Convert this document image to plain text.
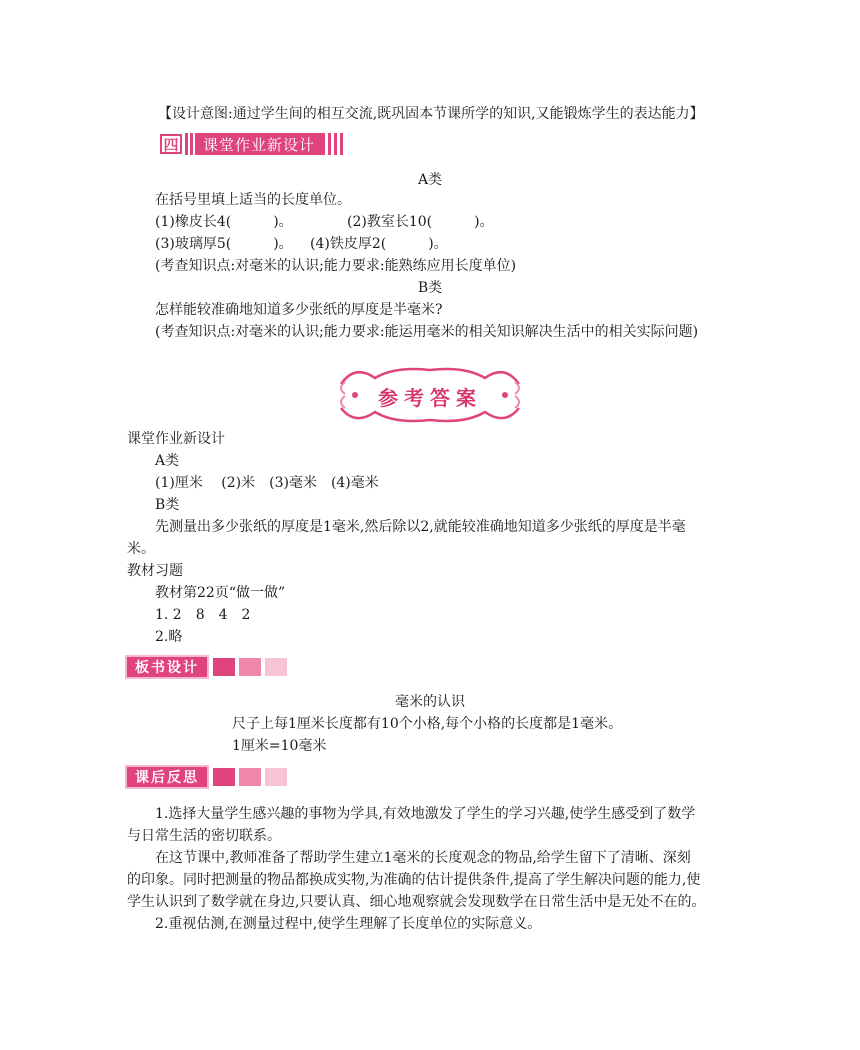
【设计意图:通过学生间的相互交流,既巩固本节课所学的知识,又能锻炼学生的表达能力】
四	课堂作业新设计
A类
在括号里填上适当的长度单位。
(1)橡皮长4(　　　)。	(2)教室长10(　　　)。
(3)玻璃厚5(　　　)。 (4)铁皮厚2(　　　)。
(考查知识点:对毫米的认识;能力要求:能熟练应用长度单位)
B类
怎样能较准确地知道多少张纸的厚度是半毫米?
(考查知识点:对毫米的认识;能力要求:能运用毫米的相关知识解决生活中的相关实际问题)
参考答案
课堂作业新设计
A类
(1)厘米　 (2)米　(3)毫米　(4)毫米
B类
先测量出多少张纸的厚度是1毫米,然后除以2,就能较准确地知道多少张纸的厚度是半毫
米。
教材习题
教材第22页“做一做”
1. 2　8　4　2
2.略
板书设计
毫米的认识
尺子上每1厘米长度都有10个小格,每个小格的长度都是1毫米。
1厘米=10毫米
课后反思
1.选择大量学生感兴趣的事物为学具,有效地激发了学生的学习兴趣,使学生感受到了数学
与日常生活的密切联系。
在这节课中,教师准备了帮助学生建立1毫米的长度观念的物品,给学生留下了清晰、深刻
的印象。同时把测量的物品都换成实物,为准确的估计提供条件,提高了学生解决问题的能力,使
学生认识到了数学就在身边,只要认真、细心地观察就会发现数学在日常生活中是无处不在的。
2.重视估测,在测量过程中,使学生理解了长度单位的实际意义。
